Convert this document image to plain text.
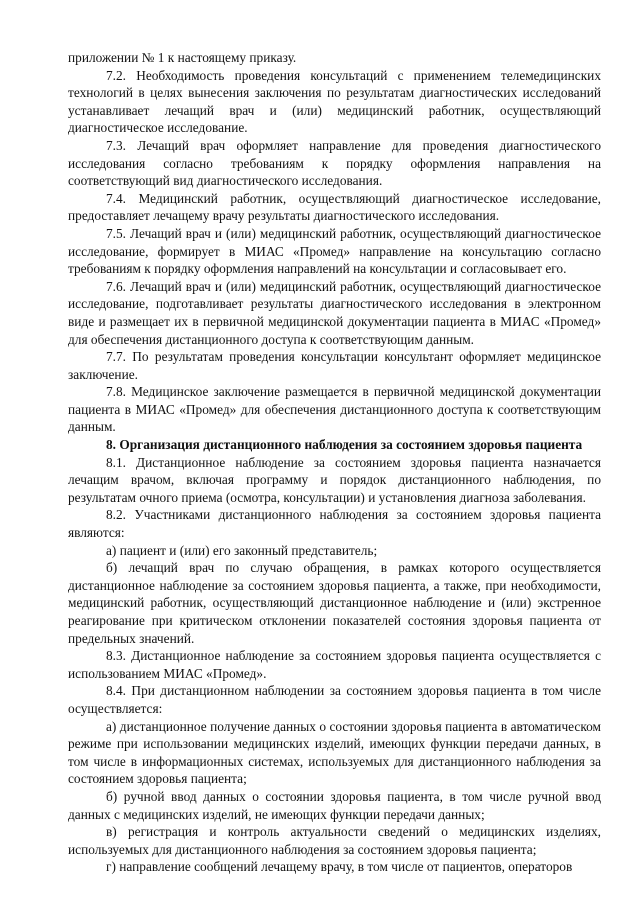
приложении № 1 к настоящему приказу.

7.2. Необходимость проведения консультаций с применением телемедицинских технологий в целях вынесения заключения по результатам диагностических исследований устанавливает лечащий врач и (или) медицинский работник, осуществляющий диагностическое исследование.

7.3. Лечащий врач оформляет направление для проведения диагностического исследования согласно требованиям к порядку оформления направления на соответствующий вид диагностического исследования.

7.4. Медицинский работник, осуществляющий диагностическое исследование, предоставляет лечащему врачу результаты диагностического исследования.

7.5. Лечащий врач и (или) медицинский работник, осуществляющий диагностическое исследование, формирует в МИАС «Промед» направление на консультацию согласно требованиям к порядку оформления направлений на консультации и согласовывает его.

7.6. Лечащий врач и (или) медицинский работник, осуществляющий диагностическое исследование, подготавливает результаты диагностического исследования в электронном виде и размещает их в первичной медицинской документации пациента в МИАС «Промед» для обеспечения дистанционного доступа к соответствующим данным.

7.7. По результатам проведения консультации консультант оформляет медицинское заключение.

7.8. Медицинское заключение размещается в первичной медицинской документации пациента в МИАС «Промед» для обеспечения дистанционного доступа к соответствующим данным.

8. Организация дистанционного наблюдения за состоянием здоровья пациента

8.1. Дистанционное наблюдение за состоянием здоровья пациента назначается лечащим врачом, включая программу и порядок дистанционного наблюдения, по результатам очного приема (осмотра, консультации) и установления диагноза заболевания.

8.2. Участниками дистанционного наблюдения за состоянием здоровья пациента являются:

а) пациент и (или) его законный представитель;

б) лечащий врач по случаю обращения, в рамках которого осуществляется дистанционное наблюдение за состоянием здоровья пациента, а также, при необходимости, медицинский работник, осуществляющий дистанционное наблюдение и (или) экстренное реагирование при критическом отклонении показателей состояния здоровья пациента от предельных значений.

8.3. Дистанционное наблюдение за состоянием здоровья пациента осуществляется с использованием МИАС «Промед».

8.4. При дистанционном наблюдении за состоянием здоровья пациента в том числе осуществляется:

а) дистанционное получение данных о состоянии здоровья пациента в автоматическом режиме при использовании медицинских изделий, имеющих функции передачи данных, в том числе в информационных системах, используемых для дистанционного наблюдения за состоянием здоровья пациента;

б) ручной ввод данных о состоянии здоровья пациента, в том числе ручной ввод данных с медицинских изделий, не имеющих функции передачи данных;

в) регистрация и контроль актуальности сведений о медицинских изделиях, используемых для дистанционного наблюдения за состоянием здоровья пациента;

г) направление сообщений лечащему врачу, в том числе от пациентов, операторов
